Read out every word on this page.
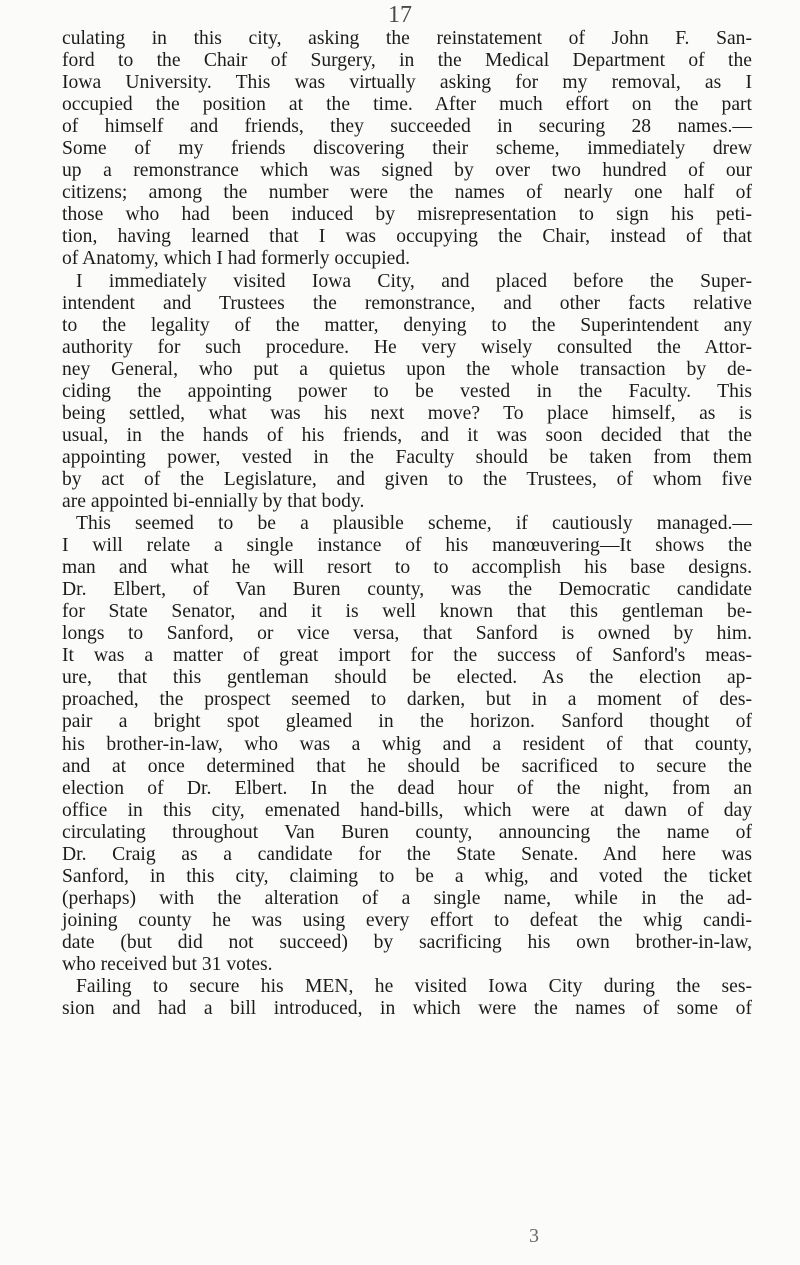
17
culating in this city, asking the reinstatement of John F. San-
ford to the Chair of Surgery, in the Medical Department of the
Iowa University. This was virtually asking for my removal, as I
occupied the position at the time. After much effort on the part
of himself and friends, they succeeded in securing 28 names.—
Some of my friends discovering their scheme, immediately drew
up a remonstrance which was signed by over two hundred of our
citizens; among the number were the names of nearly one half of
those who had been induced by misrepresentation to sign his peti-
tion, having learned that I was occupying the Chair, instead of that
of Anatomy, which I had formerly occupied.
I immediately visited Iowa City, and placed before the Super-
intendent and Trustees the remonstrance, and other facts relative
to the legality of the matter, denying to the Superintendent any
authority for such procedure. He very wisely consulted the Attor-
ney General, who put a quietus upon the whole transaction by de-
ciding the appointing power to be vested in the Faculty. This
being settled, what was his next move? To place himself, as is
usual, in the hands of his friends, and it was soon decided that the
appointing power, vested in the Faculty should be taken from them
by act of the Legislature, and given to the Trustees, of whom five
are appointed bi-ennially by that body.
This seemed to be a plausible scheme, if cautiously managed.—
I will relate a single instance of his manœuvering—It shows the
man and what he will resort to to accomplish his base designs.
Dr. Elbert, of Van Buren county, was the Democratic candidate
for State Senator, and it is well known that this gentleman be-
longs to Sanford, or vice versa, that Sanford is owned by him.
It was a matter of great import for the success of Sanford's meas-
ure, that this gentleman should be elected. As the election ap-
proached, the prospect seemed to darken, but in a moment of des-
pair a bright spot gleamed in the horizon. Sanford thought of
his brother-in-law, who was a whig and a resident of that county,
and at once determined that he should be sacrificed to secure the
election of Dr. Elbert. In the dead hour of the night, from an
office in this city, emenated hand-bills, which were at dawn of day
circulating throughout Van Buren county, announcing the name of
Dr. Craig as a candidate for the State Senate. And here was
Sanford, in this city, claiming to be a whig, and voted the ticket
(perhaps) with the alteration of a single name, while in the ad-
joining county he was using every effort to defeat the whig candi-
date (but did not succeed) by sacrificing his own brother-in-law,
who received but 31 votes.
Failing to secure his MEN, he visited Iowa City during the ses-
sion and had a bill introduced, in which were the names of some of
3
